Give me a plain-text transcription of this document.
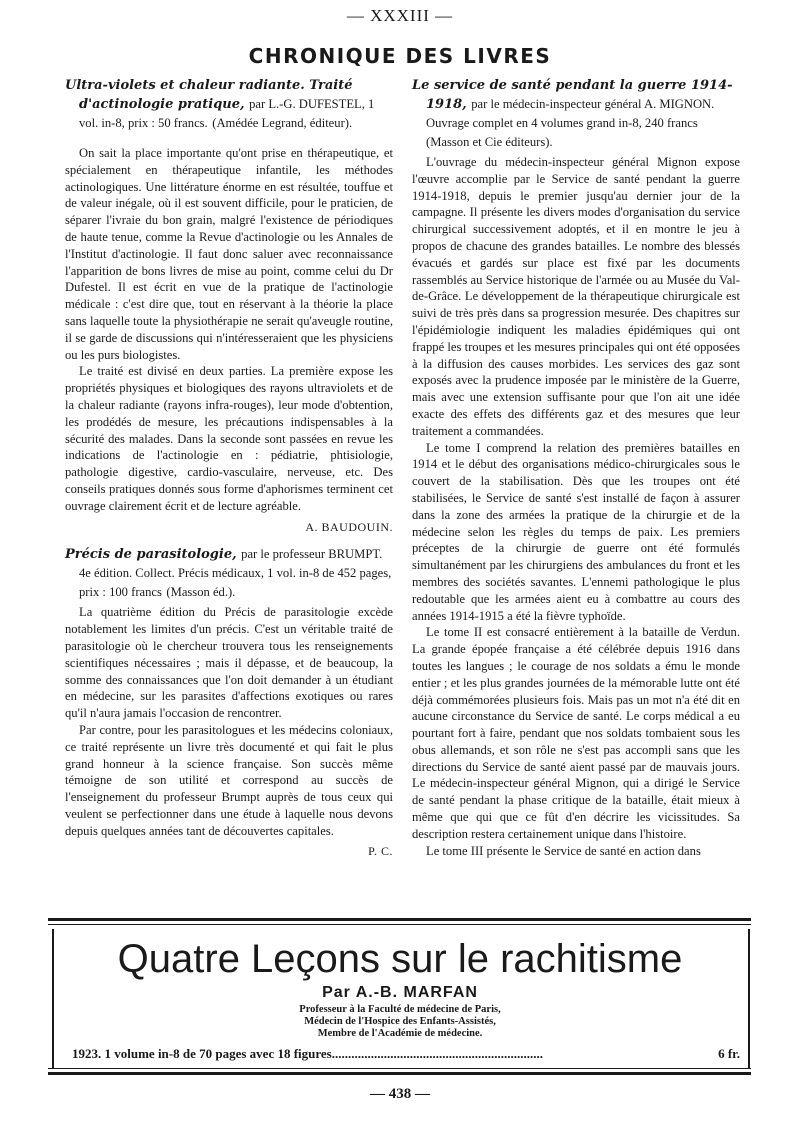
— XXXIII —
CHRONIQUE DES LIVRES
Ultra-violets et chaleur radiante. Traité d'actinologie pratique, par L.-G. DUFESTEL, 1 vol. in-8, prix : 50 francs. (Amédée Legrand, éditeur).

On sait la place importante qu'ont prise en thérapeutique, et spécialement en thérapeutique infantile, les méthodes actinologiques. Une littérature énorme en est résultée, touffue et de valeur inégale, où il est souvent difficile, pour le praticien, de séparer l'ivraie du bon grain, malgré l'existence de périodiques de haute tenue, comme la Revue d'actinologie ou les Annales de l'Institut d'actinologie. Il faut donc saluer avec reconnaissance l'apparition de bons livres de mise au point, comme celui du Dr Dufestel. Il est écrit en vue de la pratique de l'actinologie médicale : c'est dire que, tout en réservant à la théorie la place sans laquelle toute la physiothérapie ne serait qu'aveugle routine, il se garde de discussions qui n'intéresseraient que les physiciens ou les purs biologistes.

Le traité est divisé en deux parties. La première expose les propriétés physiques et biologiques des rayons ultraviolets et de la chaleur radiante (rayons infra-rouges), leur mode d'obtention, les prodédés de mesure, les précautions indispensables à la sécurité des malades. Dans la seconde sont passées en revue les indications de l'actinologie en : pédiatrie, phtisiologie, pathologie digestive, cardio-vasculaire, nerveuse, etc. Des conseils pratiques donnés sous forme d'aphorismes terminent cet ouvrage clairement écrit et de lecture agréable.

A. BAUDOUIN.
Précis de parasitologie, par le professeur BRUMPT. 4e édition. Collect. Précis médicaux, 1 vol. in-8 de 452 pages, prix : 100 francs (Masson éd.).

La quatrième édition du Précis de parasitologie excède notablement les limites d'un précis. C'est un véritable traité de parasitologie où le chercheur trouvera tous les renseignements scientifiques nécessaires ; mais il dépasse, et de beaucoup, la somme des connaissances que l'on doit demander à un étudiant en médecine, sur les parasites d'affections exotiques ou rares qu'il n'aura jamais l'occasion de rencontrer.

Par contre, pour les parasitologues et les médecins coloniaux, ce traité représente un livre très documenté et qui fait le plus grand honneur à la science française. Son succès même témoigne de son utilité et correspond au succès de l'enseignement du professeur Brumpt auprès de tous ceux qui veulent se perfectionner dans une étude à laquelle nous devons depuis quelques années tant de découvertes capitales.

P. C.
Le service de santé pendant la guerre 1914-1918, par le médecin-inspecteur général A. MIGNON. Ouvrage complet en 4 volumes grand in-8, 240 francs (Masson et Cie éditeurs).

L'ouvrage du médecin-inspecteur général Mignon expose l'œuvre accomplie par le Service de santé pendant la guerre 1914-1918, depuis le premier jusqu'au dernier jour de la campagne. Il présente les divers modes d'organisation du service chirurgical successivement adoptés, et il en montre le jeu à propos de chacune des grandes batailles. Le nombre des blessés évacués et gardés sur place est fixé par les documents rassemblés au Service historique de l'armée ou au Musée du Val-de-Grâce. Le développement de la thérapeutique chirurgicale est suivi de très près dans sa progression mesurée. Des chapitres sur l'épidémiologie indiquent les maladies épidémiques qui ont frappé les troupes et les mesures principales qui ont été opposées à la diffusion des causes morbides. Les services des gaz sont exposés avec la prudence imposée par le ministère de la Guerre, mais avec une extension suffisante pour que l'on ait une idée exacte des effets des différents gaz et des mesures que leur traitement a commandées.

Le tome I comprend la relation des premières batailles en 1914 et le début des organisations médico-chirurgicales sous le couvert de la stabilisation. Dès que les troupes ont été stabilisées, le Service de santé s'est installé de façon à assurer dans la zone des armées la pratique de la chirurgie et de la médecine selon les règles du temps de paix. Les premiers préceptes de la chirurgie de guerre ont été formulés simultanément par les chirurgiens des ambulances du front et les membres des sociétés savantes. L'ennemi pathologique le plus redoutable que les armées aient eu à combattre au cours des années 1914-1915 a été la fièvre typhoïde.

Le tome II est consacré entièrement à la bataille de Verdun. La grande épopée française a été célébrée depuis 1916 dans toutes les langues ; le courage de nos soldats a ému le monde entier ; et les plus grandes journées de la mémorable lutte ont été déjà commémorées plusieurs fois. Mais pas un mot n'a été dit en aucune circonstance du Service de santé. Le corps médical a eu pourtant fort à faire, pendant que nos soldats tombaient sous les obus allemands, et son rôle ne s'est pas accompli sans que les directions du Service de santé aient passé par de mauvais jours. Le médecin-inspecteur général Mignon, qui a dirigé le Service de santé pendant la phase critique de la bataille, était mieux à même que qui que ce fût d'en décrire les vicissitudes. Sa description restera certainement unique dans l'histoire.

Le tome III présente le Service de santé en action dans

Quatre Leçons sur le rachitisme
Par A.-B. MARFAN
Professeur à la Faculté de médecine de Paris,
Médecin de l'Hospice des Enfants-Assistés,
Membre de l'Académie de médecine.
1923. 1 volume in-8 de 70 pages avec 18 figures.................................................................	6 fr.
— 438 —
